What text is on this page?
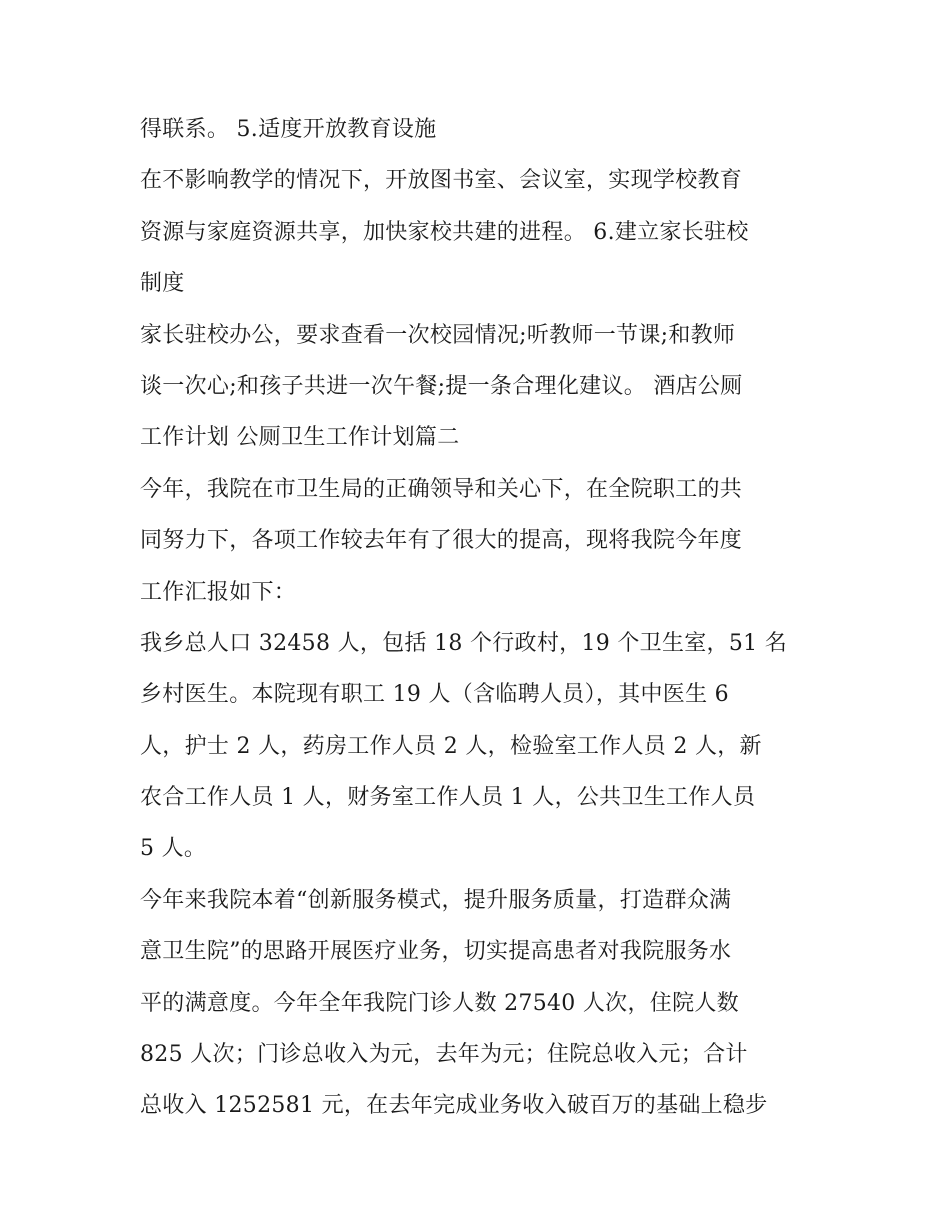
得联系。 5.适度开放教育设施
在不影响教学的情况下，开放图书室、会议室，实现学校教育
资源与家庭资源共享，加快家校共建的进程。 6.建立家长驻校
制度
家长驻校办公，要求查看一次校园情况;听教师一节课;和教师
谈一次心;和孩子共进一次午餐;提一条合理化建议。 酒店公厕
工作计划 公厕卫生工作计划篇二
今年，我院在市卫生局的正确领导和关心下，在全院职工的共
同努力下，各项工作较去年有了很大的提高，现将我院今年度
工作汇报如下：
我乡总人口 32458 人，包括 18 个行政村，19 个卫生室，51 名
乡村医生。本院现有职工 19 人（含临聘人员），其中医生 6
人，护士 2 人，药房工作人员 2 人，检验室工作人员 2 人，新
农合工作人员 1 人，财务室工作人员 1 人，公共卫生工作人员
5 人。
今年来我院本着“创新服务模式，提升服务质量，打造群众满
意卫生院”的思路开展医疗业务，切实提高患者对我院服务水
平的满意度。今年全年我院门诊人数 27540 人次，住院人数
825 人次；门诊总收入为元，去年为元；住院总收入元；合计
总收入 1252581 元，在去年完成业务收入破百万的基础上稳步
